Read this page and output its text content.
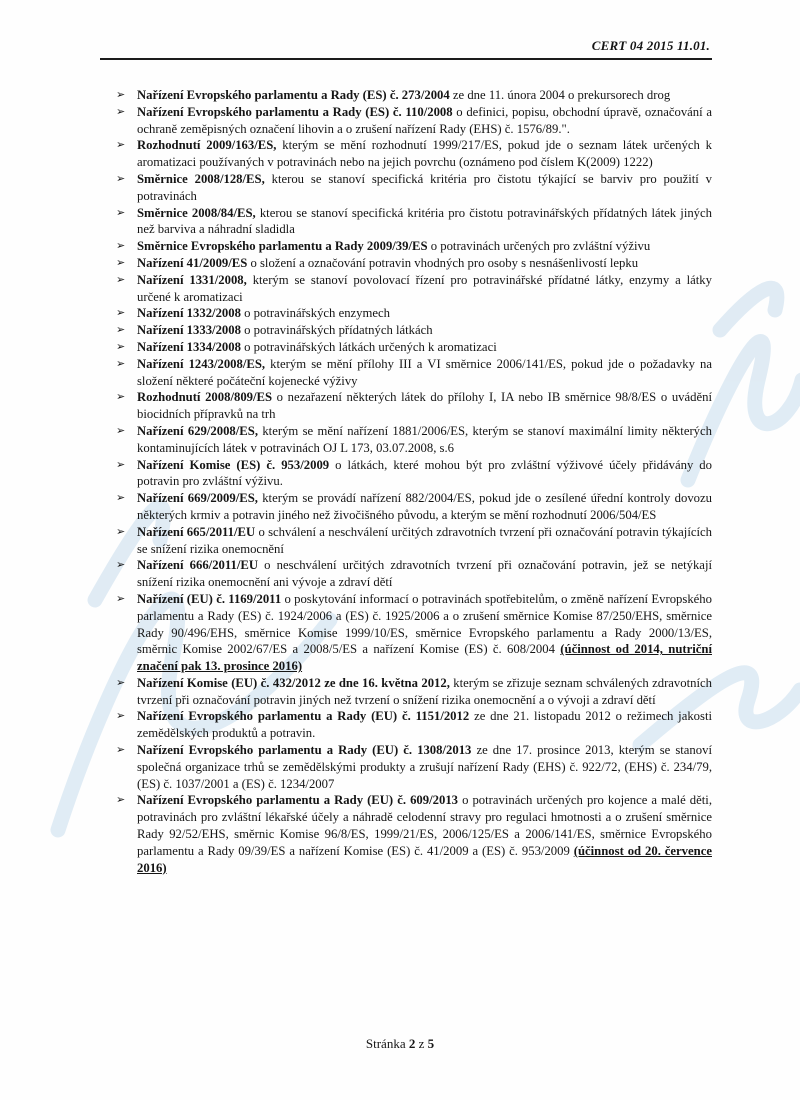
CERT 04 2015 11.01.
➢ Nařízení Evropského parlamentu a Rady (ES) č. 273/2004 ze dne 11. února 2004 o prekursorech drog
➢ Nařízení Evropského parlamentu a Rady (ES) č. 110/2008 o definici, popisu, obchodní úpravě, označování a ochraně zeměpisných označení lihovin a o zrušení nařízení Rady (EHS) č. 1576/89.".
➢ Rozhodnutí 2009/163/ES, kterým se mění rozhodnutí 1999/217/ES, pokud jde o seznam látek určených k aromatizaci používaných v potravinách nebo na jejich povrchu (oznámeno pod číslem K(2009) 1222)
➢ Směrnice 2008/128/ES, kterou se stanoví specifická kritéria pro čistotu týkající se barviv pro použití v potravinách
➢ Směrnice 2008/84/ES, kterou se stanoví specifická kritéria pro čistotu potravinářských přídatných látek jiných než barviva a náhradní sladidla
➢ Směrnice Evropského parlamentu a Rady 2009/39/ES o potravinách určených pro zvláštní výživu
➢ Nařízení 41/2009/ES o složení a označování potravin vhodných pro osoby s nesnášenlivostí lepku
➢ Nařízení 1331/2008, kterým se stanoví povolovací řízení pro potravinářské přídatné látky, enzymy a látky určené k aromatizaci
➢ Nařízení 1332/2008 o potravinářských enzymech
➢ Nařízení 1333/2008 o potravinářských přídatných látkách
➢ Nařízení 1334/2008 o potravinářských látkách určených k aromatizaci
➢ Nařízení 1243/2008/ES, kterým se mění přílohy III a VI směrnice 2006/141/ES, pokud jde o požadavky na složení některé počáteční kojenecké výživy
➢ Rozhodnutí 2008/809/ES o nezařazení některých látek do přílohy I, IA nebo IB směrnice 98/8/ES o uvádění biocidních přípravků na trh
➢ Nařízení 629/2008/ES, kterým se mění nařízení 1881/2006/ES, kterým se stanoví maximální limity některých kontaminujících látek v potravinách OJ L 173, 03.07.2008, s.6
➢ Nařízení Komise (ES) č. 953/2009 o látkách, které mohou být pro zvláštní výživové účely přidávány do potravin pro zvláštní výživu.
➢ Nařízení 669/2009/ES, kterým se provádí nařízení 882/2004/ES, pokud jde o zesílené úřední kontroly dovozu některých krmiv a potravin jiného než živočišného původu, a kterým se mění rozhodnutí 2006/504/ES
➢ Nařízení 665/2011/EU o schválení a neschválení určitých zdravotních tvrzení při označování potravin týkajících se snížení rizika onemocnění
➢ Nařízení 666/2011/EU o neschválení určitých zdravotních tvrzení při označování potravin, jež se netýkají snížení rizika onemocnění ani vývoje a zdraví dětí
➢ Nařízení (EU) č. 1169/2011 o poskytování informací o potravinách spotřebitelům, o změně nařízení Evropského parlamentu a Rady (ES) č. 1924/2006 a (ES) č. 1925/2006 a o zrušení směrnice Komise 87/250/EHS, směrnice Rady 90/496/EHS, směrnice Komise 1999/10/ES, směrnice Evropského parlamentu a Rady 2000/13/ES, směrnic Komise 2002/67/ES a 2008/5/ES a nařízení Komise (ES) č. 608/2004 (účinnost od 2014, nutriční značení pak 13. prosince 2016)
➢ Nařízení Komise (EU) č. 432/2012 ze dne 16. května 2012, kterým se zřizuje seznam schválených zdravotních tvrzení při označování potravin jiných než tvrzení o snížení rizika onemocnění a o vývoji a zdraví dětí
➢ Nařízení Evropského parlamentu a Rady (EU) č. 1151/2012 ze dne 21. listopadu 2012 o režimech jakosti zemědělských produktů a potravin.
➢ Nařízení Evropského parlamentu a Rady (EU) č. 1308/2013 ze dne 17. prosince 2013, kterým se stanoví společná organizace trhů se zemědělskými produkty a zrušují nařízení Rady (EHS) č. 922/72, (EHS) č. 234/79, (ES) č. 1037/2001 a (ES) č. 1234/2007
➢ Nařízení Evropského parlamentu a Rady (EU) č. 609/2013 o potravinách určených pro kojence a malé děti, potravinách pro zvláštní lékařské účely a náhradě celodenní stravy pro regulaci hmotnosti a o zrušení směrnice Rady 92/52/EHS, směrnic Komise 96/8/ES, 1999/21/ES, 2006/125/ES a 2006/141/ES, směrnice Evropského parlamentu a Rady 09/39/ES a nařízení Komise (ES) č. 41/2009 a (ES) č. 953/2009 (účinnost od 20. července 2016)
Stránka 2 z 5
